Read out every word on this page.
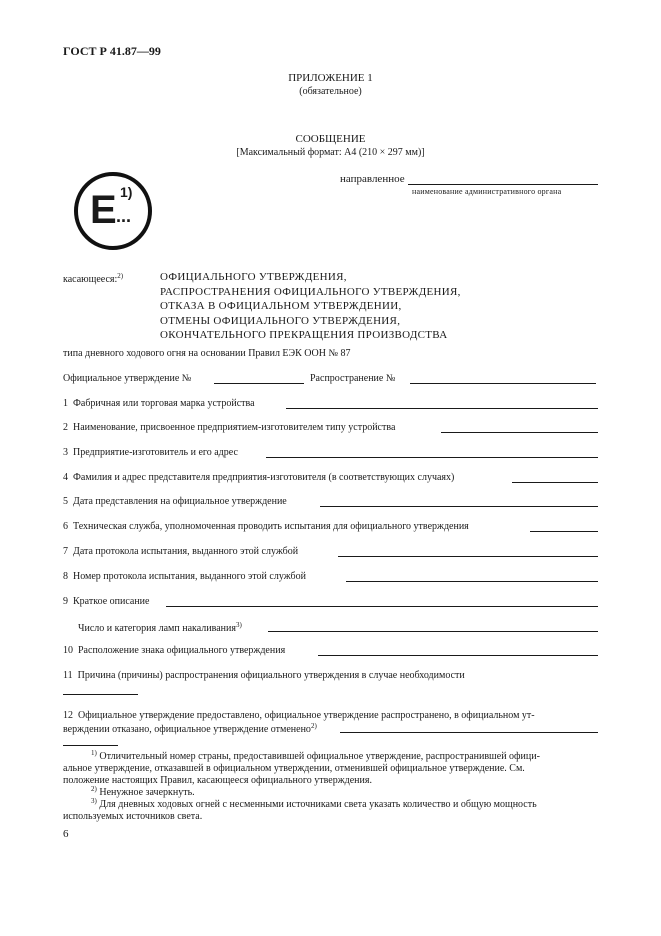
ГОСТ Р 41.87—99
ПРИЛОЖЕНИЕ 1
(обязательное)
СООБЩЕНИЕ
[Максимальный формат: А4 (210 × 297 мм)]
направленное
наименование административного органа
E ...
1)
касающееся:$^{2)}$	ОФИЦИАЛЬНОГО УТВЕРЖДЕНИЯ,
РАСПРОСТРАНЕНИЯ ОФИЦИАЛЬНОГО УТВЕРЖДЕНИЯ,
ОТКАЗА В ОФИЦИАЛЬНОМ УТВЕРЖДЕНИИ,
ОТМЕНЫ ОФИЦИАЛЬНОГО УТВЕРЖДЕНИЯ,
ОКОНЧАТЕЛЬНОГО ПРЕКРАЩЕНИЯ ПРОИЗВОДСТВА
типа дневного ходового огня на основании Правил ЕЭК ООН № 87
Официальное утверждение №	Распространение №
1 Фабричная или торговая марка устройства
2 Наименование, присвоенное предприятием-изготовителем типу устройства
3 Предприятие-изготовитель и его адрес
4 Фамилия и адрес представителя предприятия-изготовителя (в соответствующих случаях)
5 Дата представления на официальное утверждение
6 Техническая служба, уполномоченная проводить испытания для официального утверждения
7 Дата протокола испытания, выданного этой службой
8 Номер протокола испытания, выданного этой службой
9 Краткое описание
Число и категория ламп накаливания$^{3)}$
10 Расположение знака официального утверждения
11 Причина (причины) распространения официального утверждения в случае необходимости
12 Официальное утверждение предоставлено, официальное утверждение распространено, в официальном ут-
верждении отказано, официальное утверждение отменено$^{2)}$
$^{1)}$ Отличительный номер страны, предоставившей официальное утверждение, распространившей офици-
альное утверждение, отказавшей в официальном утверждении, отменившей официальное утверждение. См.
положение настоящих Правил, касающееся официального утверждения.
$^{2)}$ Ненужное зачеркнуть.
$^{3)}$ Для дневных ходовых огней с несменными источниками света указать количество и общую мощность
используемых источников света.
6
